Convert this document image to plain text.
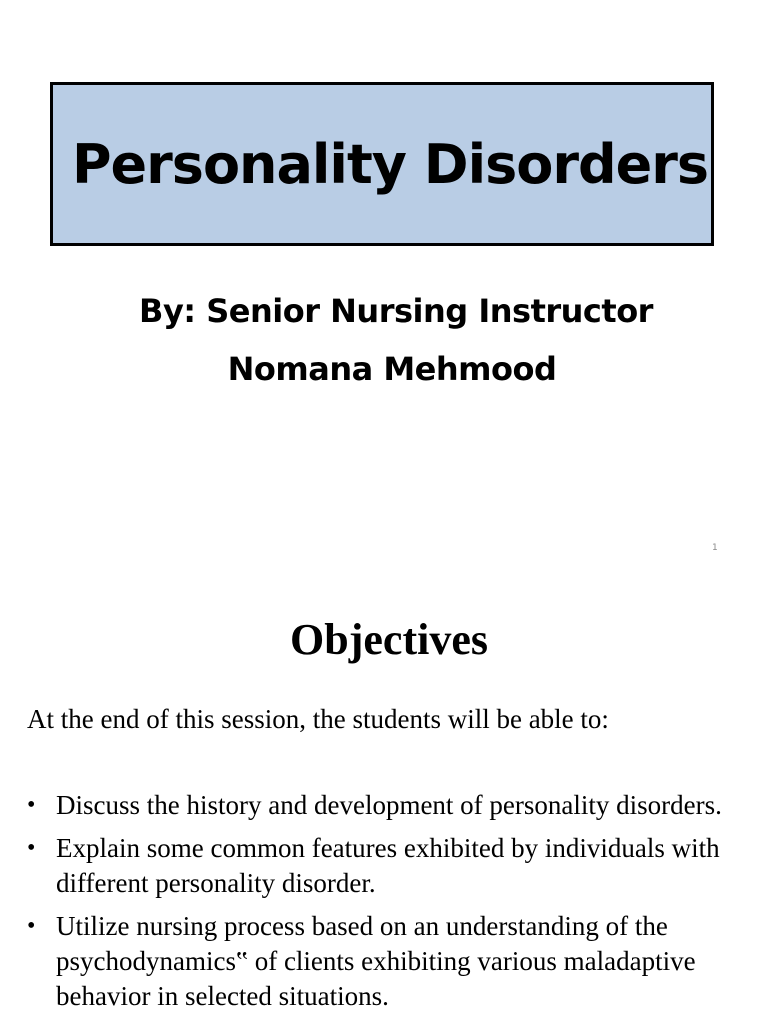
Personality Disorders
By: Senior Nursing Instructor
Nomana Mehmood
1
Objectives
At the end of this session, the students will be able to:
• Discuss the history and development of personality disorders.
• Explain some common features exhibited by individuals with different personality disorder.
• Utilize nursing process based on an understanding of the psychodynamics‟ of clients exhibiting various maladaptive behavior in selected situations.
